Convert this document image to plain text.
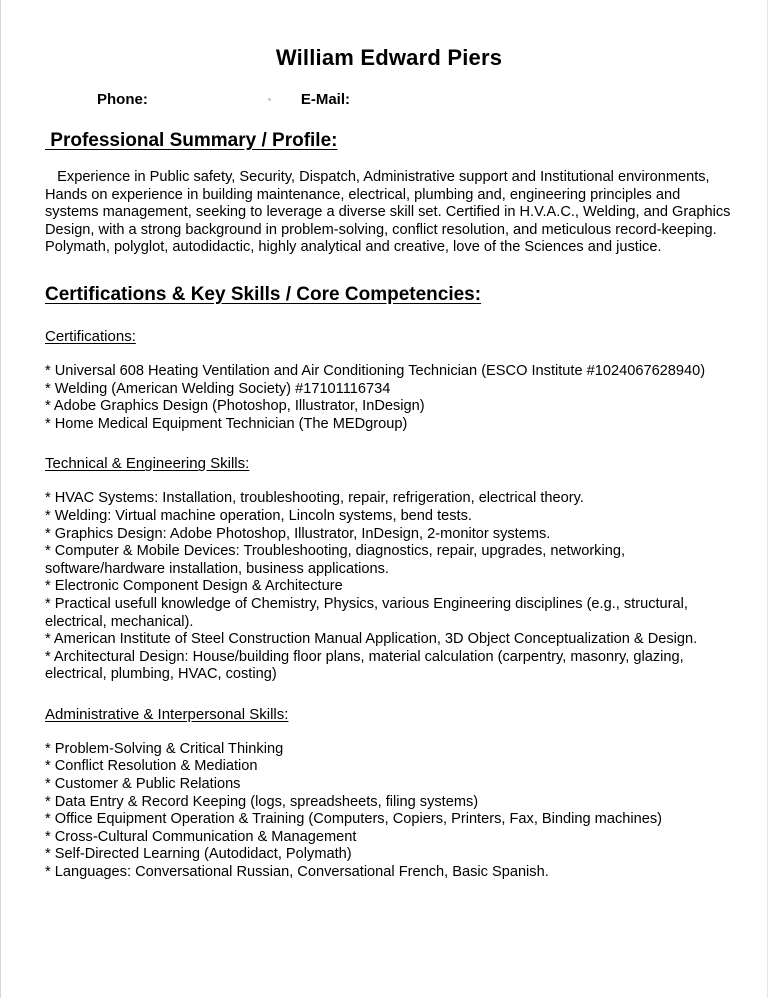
William Edward Piers
Phone:	E-Mail:
Professional Summary / Profile:

Experience in Public safety, Security, Dispatch, Administrative support and Institutional environments, Hands on experience in building maintenance, electrical, plumbing and, engineering principles and systems management, seeking to leverage a diverse skill set. Certified in H.V.A.C., Welding, and Graphics Design, with a strong background in problem-solving, conflict resolution, and meticulous record-keeping. Polymath, polyglot, autodidactic, highly analytical and creative, love of the Sciences and justice.

Certifications & Key Skills / Core Competencies:
Certifications:
* Universal 608 Heating Ventilation and Air Conditioning Technician (ESCO Institute #1024067628940)
* Welding (American Welding Society) #17101116734
* Adobe Graphics Design (Photoshop, Illustrator, InDesign)
* Home Medical Equipment Technician (The MEDgroup)
Technical & Engineering Skills:
* HVAC Systems: Installation, troubleshooting, repair, refrigeration, electrical theory.
* Welding: Virtual machine operation, Lincoln systems, bend tests.
* Graphics Design: Adobe Photoshop, Illustrator, InDesign, 2-monitor systems.
* Computer & Mobile Devices: Troubleshooting, diagnostics, repair, upgrades, networking, software/hardware installation, business applications.
* Electronic Component Design & Architecture
* Practical usefull knowledge of Chemistry, Physics, various Engineering disciplines (e.g., structural, electrical, mechanical).
* American Institute of Steel Construction Manual Application, 3D Object Conceptualization & Design.
* Architectural Design: House/building floor plans, material calculation (carpentry, masonry, glazing, electrical, plumbing, HVAC, costing)
Administrative & Interpersonal Skills:
* Problem-Solving & Critical Thinking
* Conflict Resolution & Mediation
* Customer & Public Relations
* Data Entry & Record Keeping (logs, spreadsheets, filing systems)
* Office Equipment Operation & Training (Computers, Copiers, Printers, Fax, Binding machines)
* Cross-Cultural Communication & Management
* Self-Directed Learning (Autodidact, Polymath)
* Languages: Conversational Russian, Conversational French, Basic Spanish.
